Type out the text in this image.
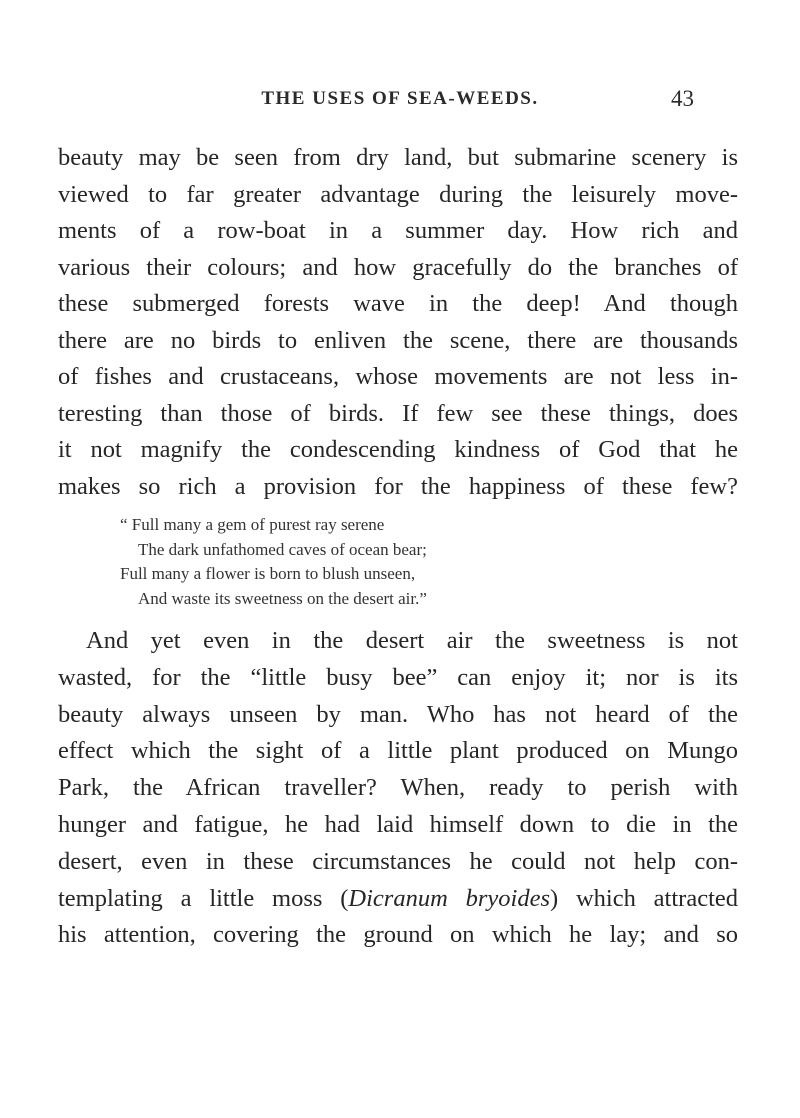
THE USES OF SEA-WEEDS.	43
beauty may be seen from dry land, but submarine scenery is
viewed to far greater advantage during the leisurely move-
ments of a row-boat in a summer day. How rich and
various their colours; and how gracefully do the branches of
these submerged forests wave in the deep! And though
there are no birds to enliven the scene, there are thousands
of fishes and crustaceans, whose movements are not less in-
teresting than those of birds. If few see these things, does
it not magnify the condescending kindness of God that he
makes so rich a provision for the happiness of these few?
“ Full many a gem of purest ray serene
The dark unfathomed caves of ocean bear;
Full many a flower is born to blush unseen,
And waste its sweetness on the desert air.”
And yet even in the desert air the sweetness is not
wasted, for the “little busy bee” can enjoy it; nor is its
beauty always unseen by man. Who has not heard of the
effect which the sight of a little plant produced on Mungo
Park, the African traveller? When, ready to perish with
hunger and fatigue, he had laid himself down to die in the
desert, even in these circumstances he could not help con-
templating a little moss (Dicranum bryoides) which attracted
his attention, covering the ground on which he lay; and so
